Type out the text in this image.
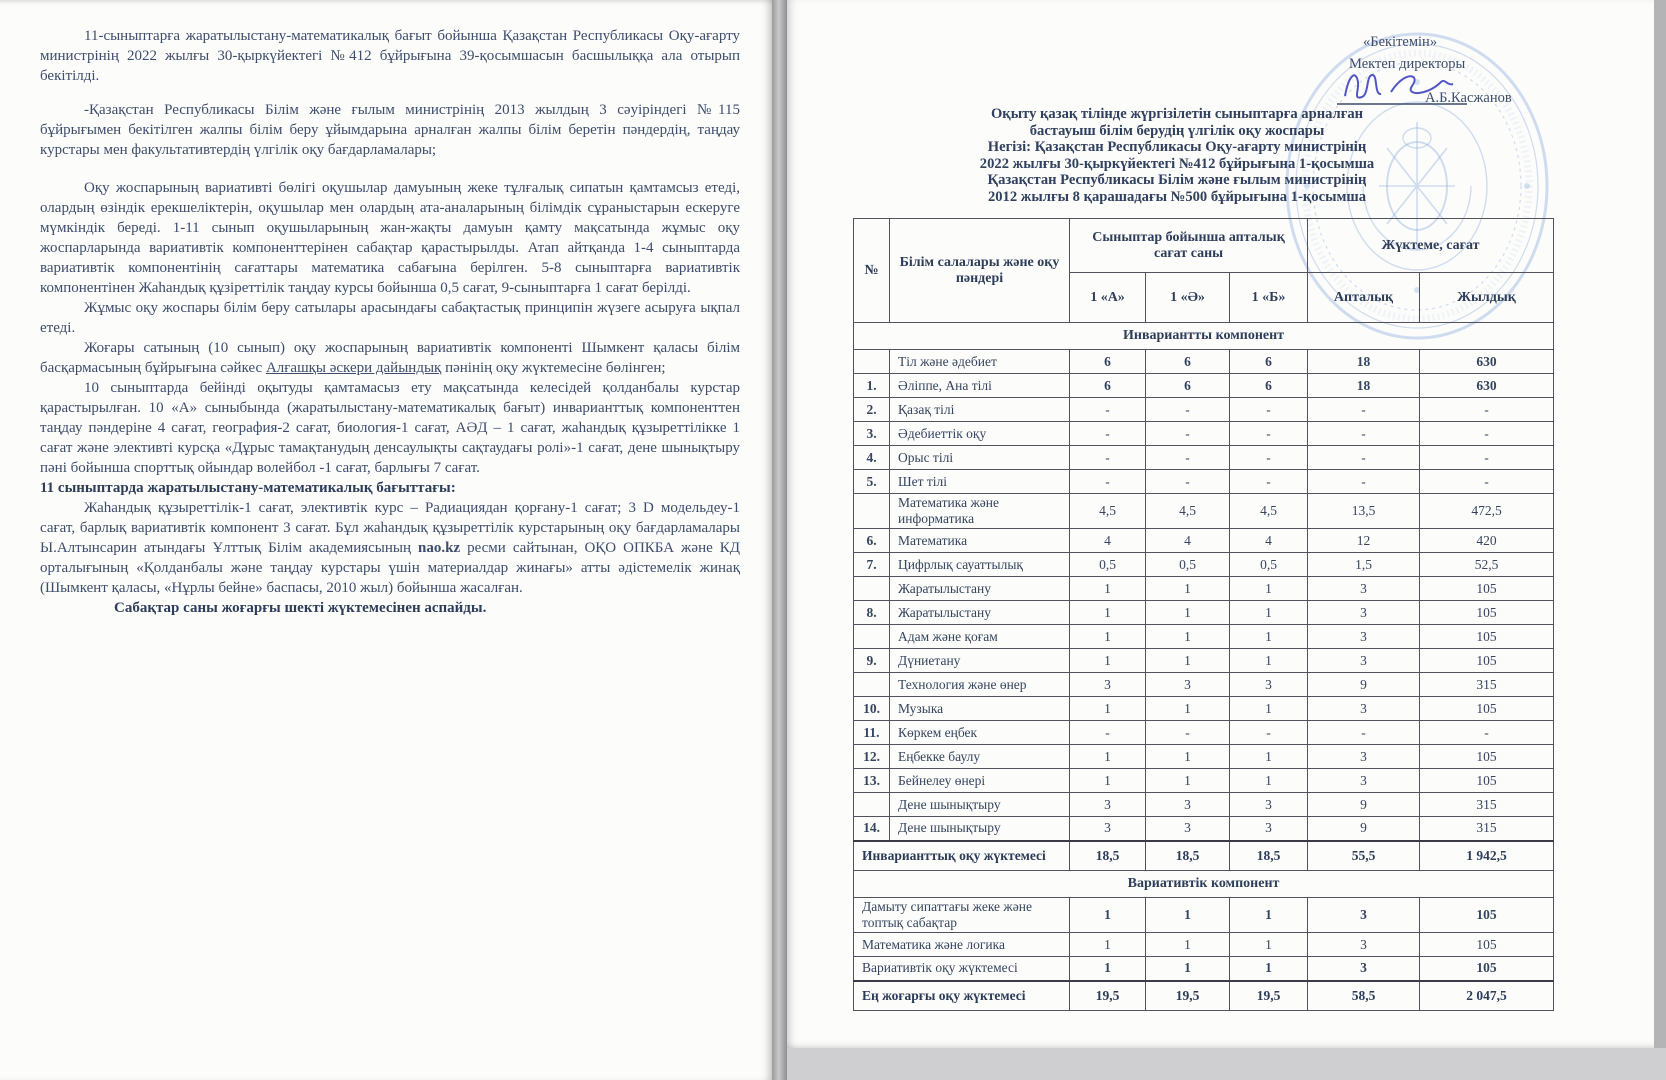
11-сыныптарға жаратылыстану-математикалық бағыт бойынша Қазақстан Республикасы Оқу-ағарту министрінің 2022 жылғы 30-қыркүйектегі №412 бұйрығына 39-қосымшасын басшылыққа ала отырып бекітілді.

-Қазақстан Республикасы Білім және ғылым министрінің 2013 жылдың 3 сәуіріндегі №115 бұйрығымен бекітілген жалпы білім беру ұйымдарына арналған жалпы білім беретін пәндердің, таңдау курстары мен факультативтердің үлгілік оқу бағдарламалары;

Оқу жоспарының вариативті бөлігі оқушылар дамуының жеке тұлғалық сипатын қамтамсыз етеді, олардың өзіндік ерекшеліктерін, оқушылар мен олардың ата-аналарының білімдік сұраныстарын ескеруге мүмкіндік береді. 1-11 сынып оқушыларының жан-жақты дамуын қамту мақсатында жұмыс оқу жоспарларында вариативтік компоненттерінен сабақтар қарастырылды. Атап айтқанда 1-4 сыныптарда вариативтік компонентінің сағаттары математика сабағына берілген. 5-8 сыныптарға вариативтік компонентінен Жаһандық құзіреттілік таңдау курсы бойынша 0,5 сағат, 9-сыныптарға 1 сағат берілді.

Жұмыс оқу жоспары білім беру сатылары арасындағы сабақтастық принципін жүзеге асыруға ықпал етеді.

Жоғары сатының (10 сынып) оқу жоспарының вариативтік компоненті Шымкент қаласы білім басқармасының бұйрығына сәйкес Алғашқы әскери дайындық пәнінің оқу жүктемесіне бөлінген;

10 сыныптарда бейінді оқытуды қамтамасыз ету мақсатында келесідей қолданбалы курстар қарастырылған. 10 «А» сыныбында (жаратылыстану-математикалық бағыт) инварианттық компоненттен таңдау пәндеріне 4 сағат, география-2 сағат, биология-1 сағат, АӘД – 1 сағат, жаһандық құзыреттілікке 1 сағат және элективті курсқа «Дұрыс тамақтанудың денсаулықты сақтаудағы ролі»-1 сағат, дене шынықтыру пәні бойынша спорттық ойындар волейбол -1 сағат, барлығы 7 сағат.

11 сыныптарда жаратылыстану-математикалық бағыттағы:

Жаһандық құзыреттілік-1 сағат, элективтік курс – Радиациядан қорғану-1 сағат; 3 D модельдеу-1 сағат, барлық вариативтік компонент 3 сағат. Бұл жаһандық құзыреттілік курстарының оқу бағдарламалары Ы.Алтынсарин атындағы Ұлттық Білім академиясының nao.kz ресми сайтынан, ОҚО ОПКБА және КД орталығының «Қолданбалы және таңдау курстары үшін материалдар жинағы» атты әдістемелік жинақ (Шымкент қаласы, «Нұрлы бейне» баспасы, 2010 жыл) бойынша жасалған.

Сабақтар саны жоғарғы шекті жүктемесінен аспайды.

«Бекітемін»
Мектеп директоры
А.Б.Касжанов
Оқыту қазақ тілінде жүргізілетін сыныптарға арналған
бастауыш білім берудің үлгілік оқу жоспары
Негізі: Қазақстан Республикасы Оқу-ағарту министрінің
2022 жылғы 30-қыркүйектегі №412 бұйрығына 1-қосымша
Қазақстан Республикасы Білім және ғылым министрінің
2012 жылғы 8 қарашадағы №500 бұйрығына 1-қосымша
№	Білім салалары және оқу пәндері	Сыныптар бойынша апталық сағат саны			Жүктеме, сағат	
		1 «А»	1 «Ә»	1 «Б»	Апталық	Жылдық
Инвариантты компонент						
	Тіл және әдебиет	6	6	6	18	630
1.	Әліппе, Ана тілі	6	6	6	18	630
2.	Қазақ тілі	-	-	-	-	-
3.	Әдебиеттік оқу	-	-	-	-	-
4.	Орыс тілі	-	-	-	-	-
5.	Шет тілі	-	-	-	-	-
	Математика және информатика	4,5	4,5	4,5	13,5	472,5
6.	Математика	4	4	4	12	420
7.	Цифрлық сауаттылық	0,5	0,5	0,5	1,5	52,5
	Жаратылыстану	1	1	1	3	105
8.	Жаратылыстану	1	1	1	3	105
	Адам және қоғам	1	1	1	3	105
9.	Дүниетану	1	1	1	3	105
	Технология және өнер	3	3	3	9	315
10.	Музыка	1	1	1	3	105
11.	Көркем еңбек	-	-	-	-	-
12.	Еңбекке баулу	1	1	1	3	105
13.	Бейнелеу өнері	1	1	1	3	105
	Дене шынықтыру	3	3	3	9	315
14.	Дене шынықтыру	3	3	3	9	315
Инварианттық оқу жүктемесі		18,5	18,5	18,5	55,5	1 942,5
Вариативтік компонент						
Дамыту сипаттағы жеке және топтық сабақтар		1	1	1	3	105
Математика және логика		1	1	1	3	105
Вариативтік оқу жүктемесі		1	1	1	3	105
Ең жоғарғы оқу жүктемесі		19,5	19,5	19,5	58,5	2 047,5
